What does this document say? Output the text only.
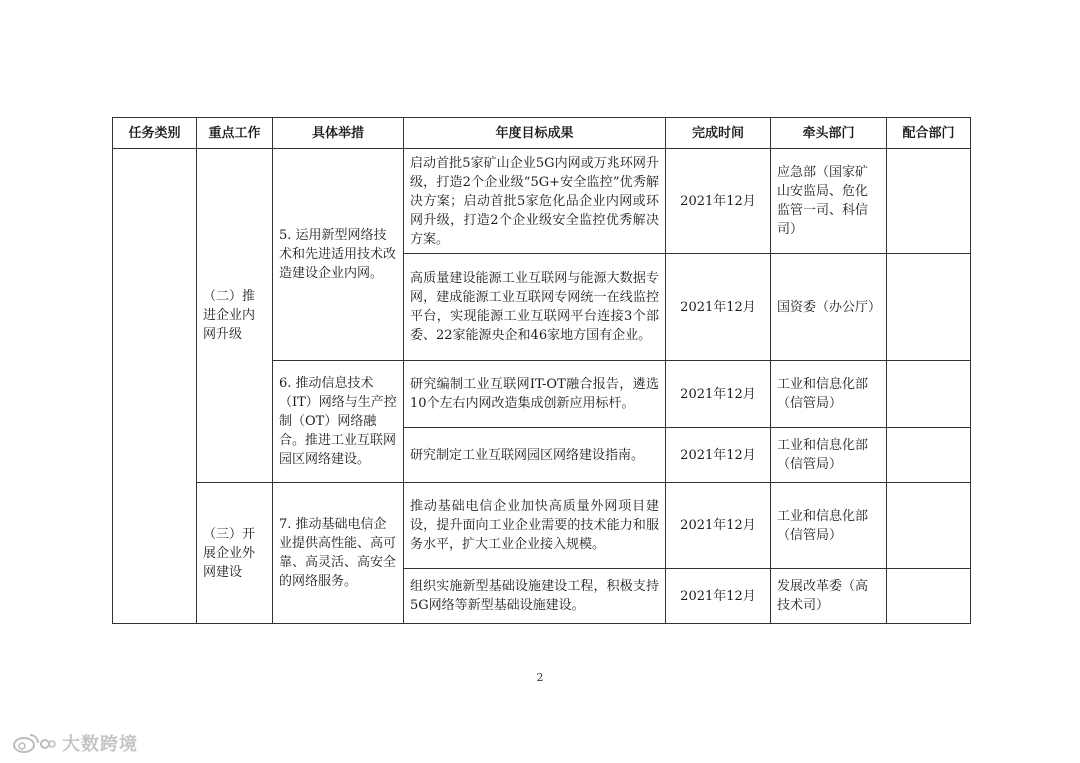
任务类别	重点工作	具体举措	年度目标成果	完成时间	牵头部门	配合部门
	（二）推进企业内网升级	5. 运用新型网络技术和先进适用技术改造建设企业内网。	启动首批5家矿山企业5G内网或万兆环网升级，打造2个企业级“5G+安全监控”优秀解决方案；启动首批5家危化品企业内网或环网升级，打造2个企业级安全监控优秀解决方案。	2021年12月	应急部（国家矿山安监局、危化监管一司、科信司）	
			高质量建设能源工业互联网与能源大数据专网，建成能源工业互联网专网统一在线监控平台，实现能源工业互联网平台连接3个部委、22家能源央企和46家地方国有企业。	2021年12月	国资委（办公厅）	
		6. 推动信息技术（IT）网络与生产控制（OT）网络融合。推进工业互联网园区网络建设。	研究编制工业互联网IT-OT融合报告，遴选10个左右内网改造集成创新应用标杆。	2021年12月	工业和信息化部（信管局）	
			研究制定工业互联网园区网络建设指南。	2021年12月	工业和信息化部（信管局）	
	（三）开展企业外网建设	7. 推动基础电信企业提供高性能、高可靠、高灵活、高安全的网络服务。	推动基础电信企业加快高质量外网项目建设，提升面向工业企业需要的技术能力和服务水平，扩大工业企业接入规模。	2021年12月	工业和信息化部（信管局）	
			组织实施新型基础设施建设工程，积极支持5G网络等新型基础设施建设。	2021年12月	发展改革委（高技术司）	
2
大数跨境
